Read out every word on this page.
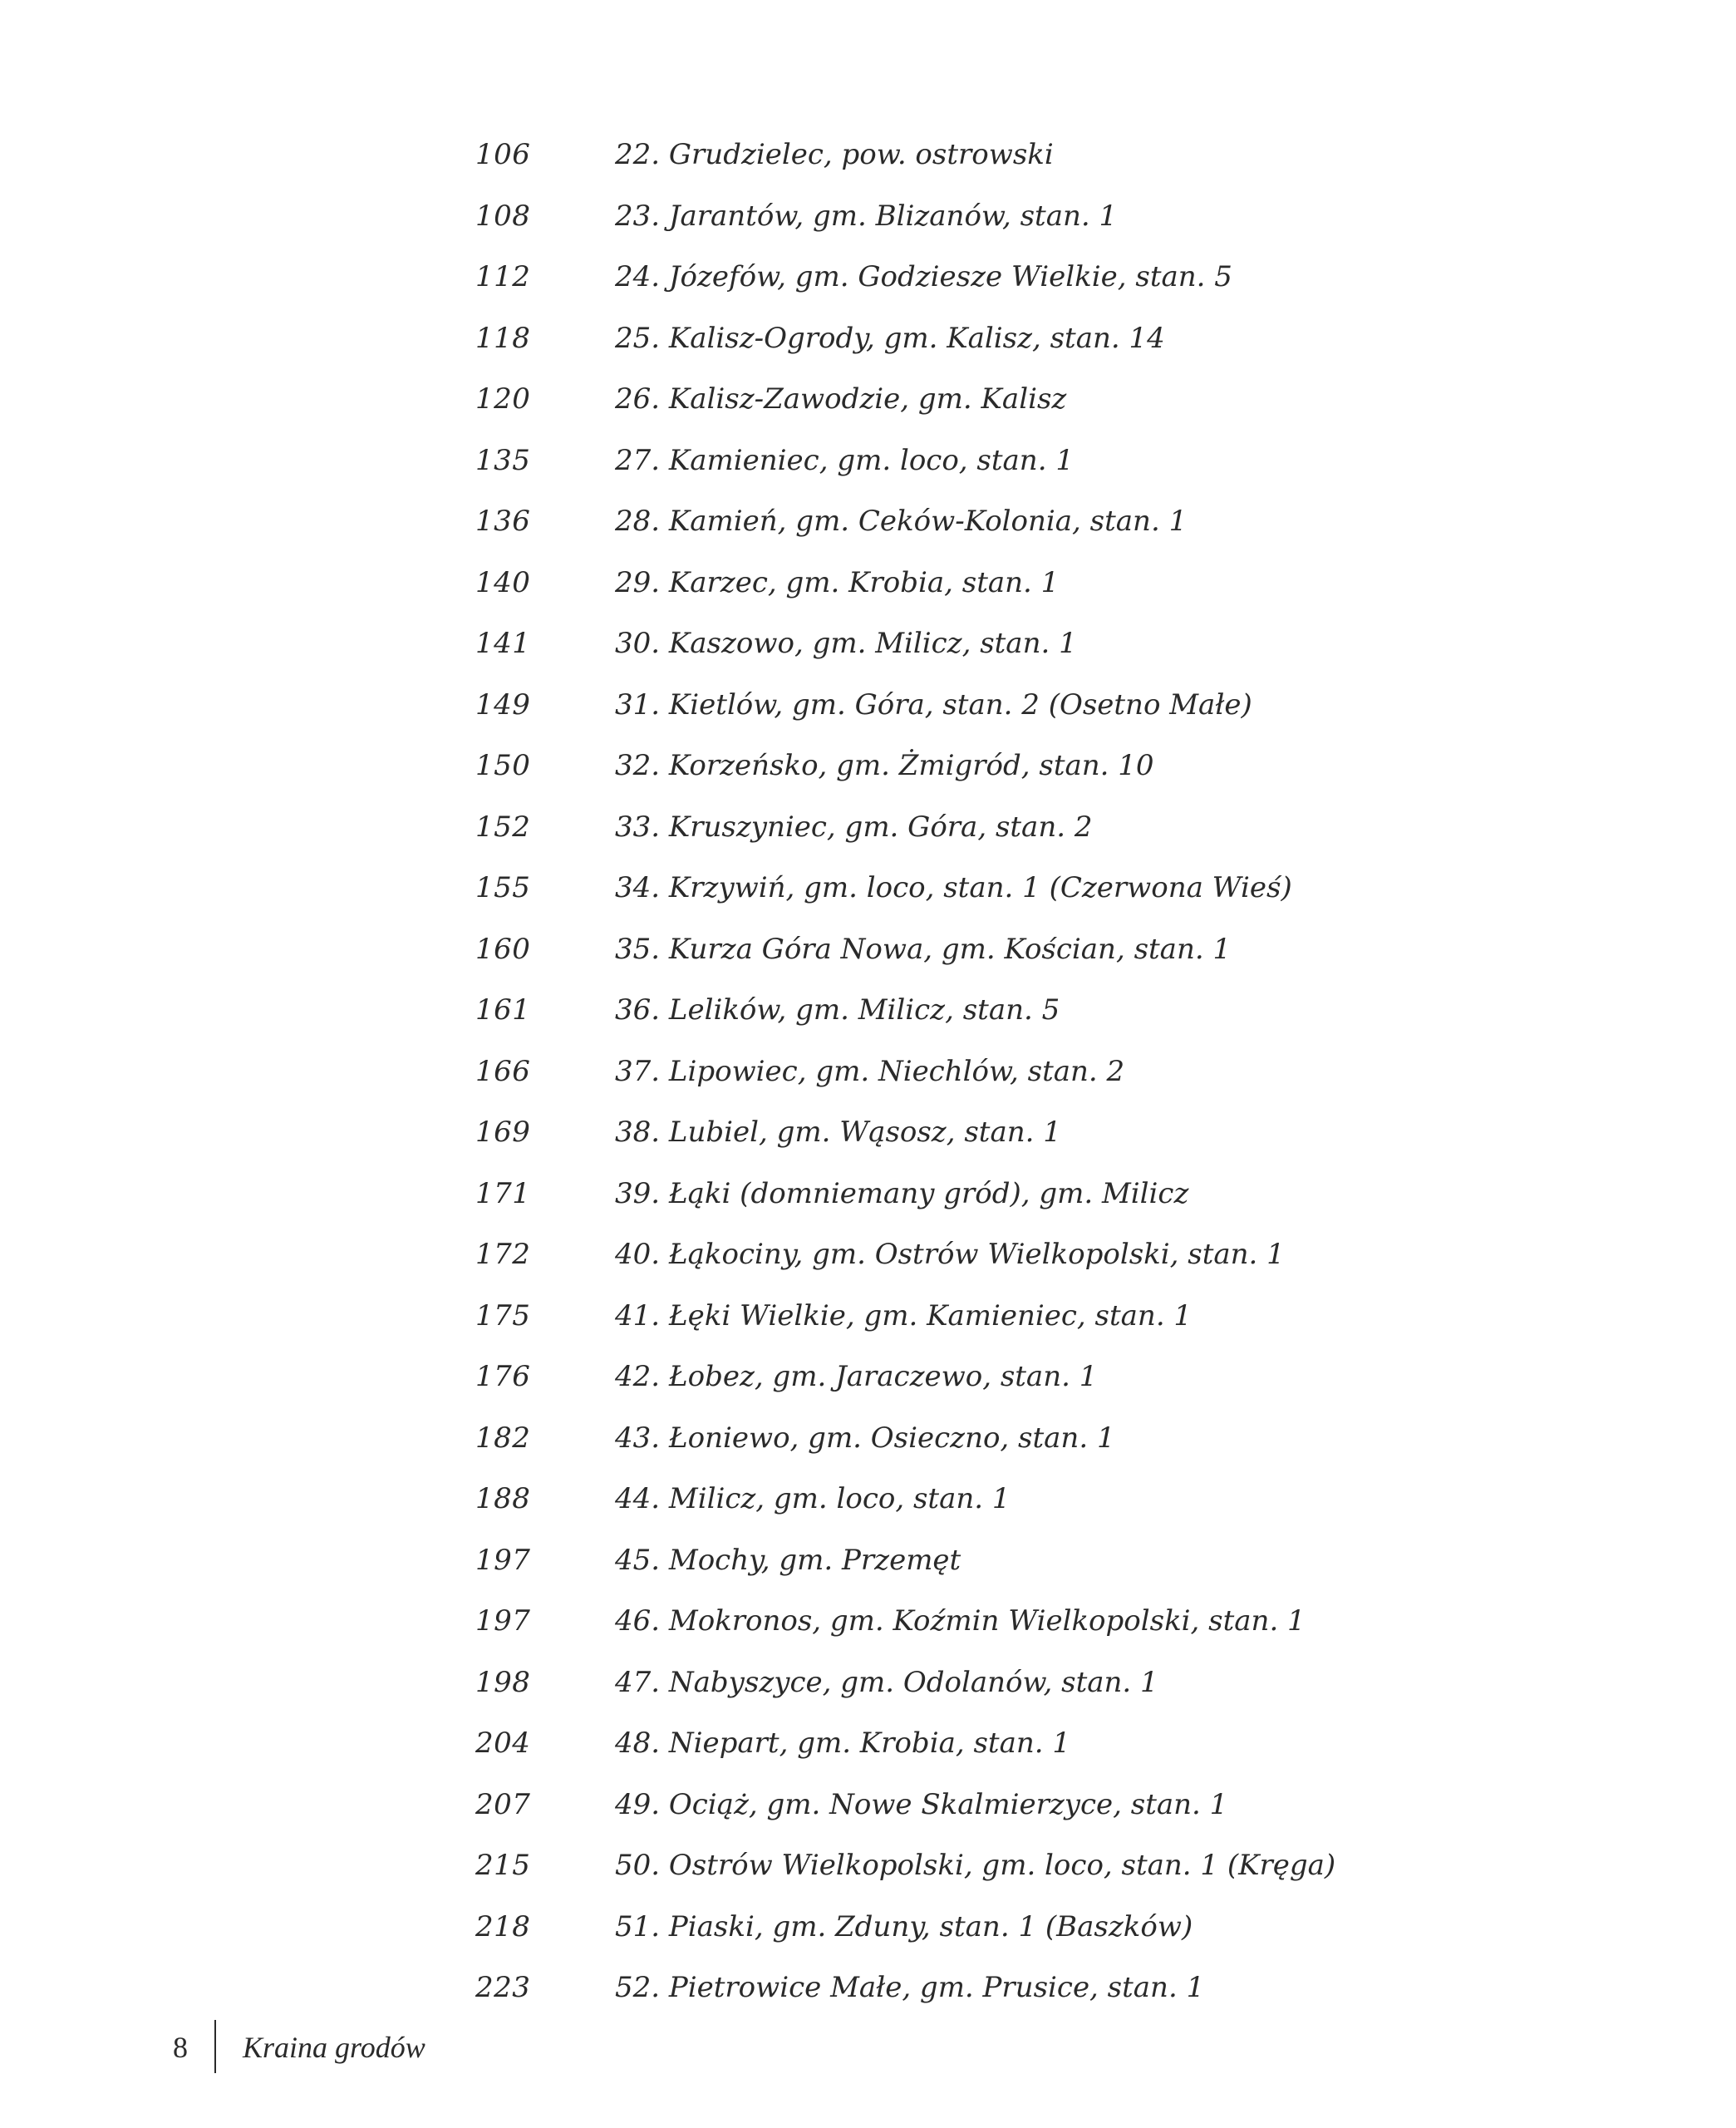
106	22. Grudzielec, pow. ostrowski
108	23. Jarantów, gm. Blizanów, stan. 1
112	24. Józefów, gm. Godziesze Wielkie, stan. 5
118	25. Kalisz-Ogrody, gm. Kalisz, stan. 14
120	26. Kalisz-Zawodzie, gm. Kalisz
135	27. Kamieniec, gm. loco, stan. 1
136	28. Kamień, gm. Ceków-Kolonia, stan. 1
140	29. Karzec, gm. Krobia, stan. 1
141	30. Kaszowo, gm. Milicz, stan. 1
149	31. Kietlów, gm. Góra, stan. 2 (Osetno Małe)
150	32. Korzeńsko, gm. Żmigród, stan. 10
152	33. Kruszyniec, gm. Góra, stan. 2
155	34. Krzywiń, gm. loco, stan. 1 (Czerwona Wieś)
160	35. Kurza Góra Nowa, gm. Kościan, stan. 1
161	36. Lelików, gm. Milicz, stan. 5
166	37. Lipowiec, gm. Niechlów, stan. 2
169	38. Lubiel, gm. Wąsosz, stan. 1
171	39. Łąki (domniemany gród), gm. Milicz
172	40. Łąkociny, gm. Ostrów Wielkopolski, stan. 1
175	41. Łęki Wielkie, gm. Kamieniec, stan. 1
176	42. Łobez, gm. Jaraczewo, stan. 1
182	43. Łoniewo, gm. Osieczno, stan. 1
188	44. Milicz, gm. loco, stan. 1
197	45. Mochy, gm. Przemęt
197	46. Mokronos, gm. Koźmin Wielkopolski, stan. 1
198	47. Nabyszyce, gm. Odolanów, stan. 1
204	48. Niepart, gm. Krobia, stan. 1
207	49. Ociąż, gm. Nowe Skalmierzyce, stan. 1
215	50. Ostrów Wielkopolski, gm. loco, stan. 1 (Kręga)
218	51. Piaski, gm. Zduny, stan. 1 (Baszków)
223	52. Pietrowice Małe, gm. Prusice, stan. 1
8 Kraina grodów
